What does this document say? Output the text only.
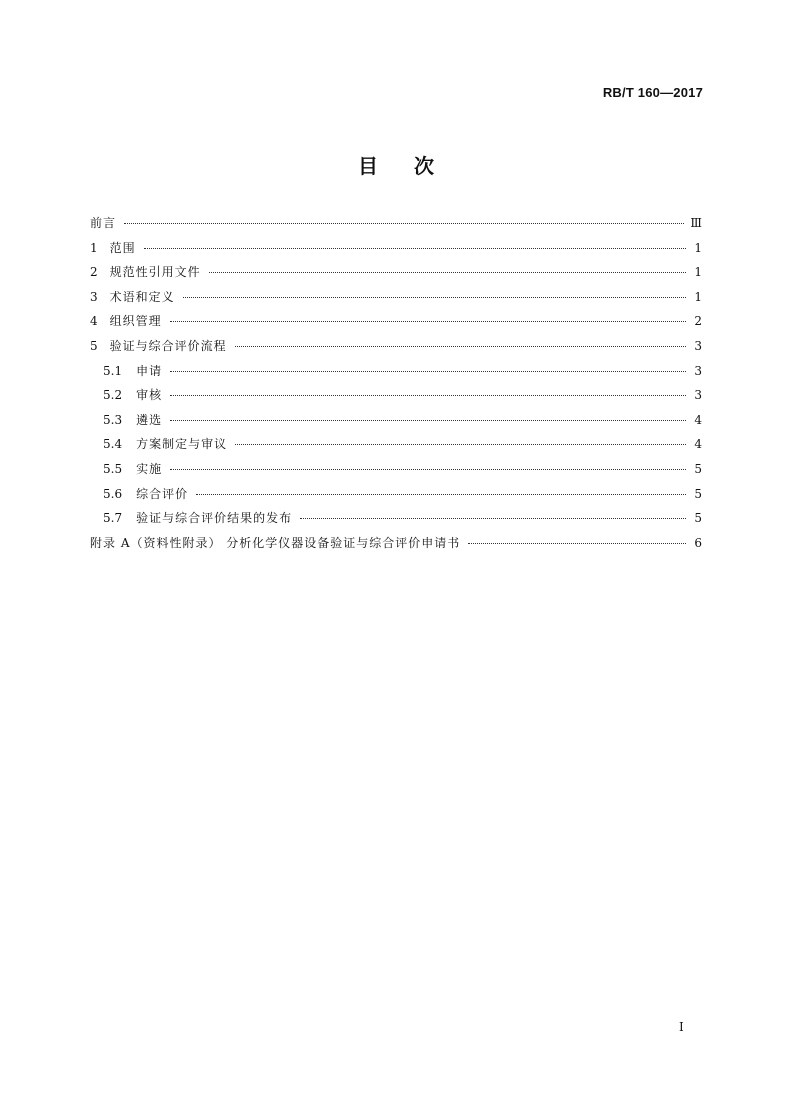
RB/T 160—2017
目 次
前言	Ⅲ
1 范围	1
2 规范性引用文件	1
3 术语和定义	1
4 组织管理	2
5 验证与综合评价流程	3
5.1 申请	3
5.2 审核	3
5.3 遴选	4
5.4 方案制定与审议	4
5.5 实施	5
5.6 综合评价	5
5.7 验证与综合评价结果的发布	5
附录 A（资料性附录） 分析化学仪器设备验证与综合评价申请书	6
Ⅰ
